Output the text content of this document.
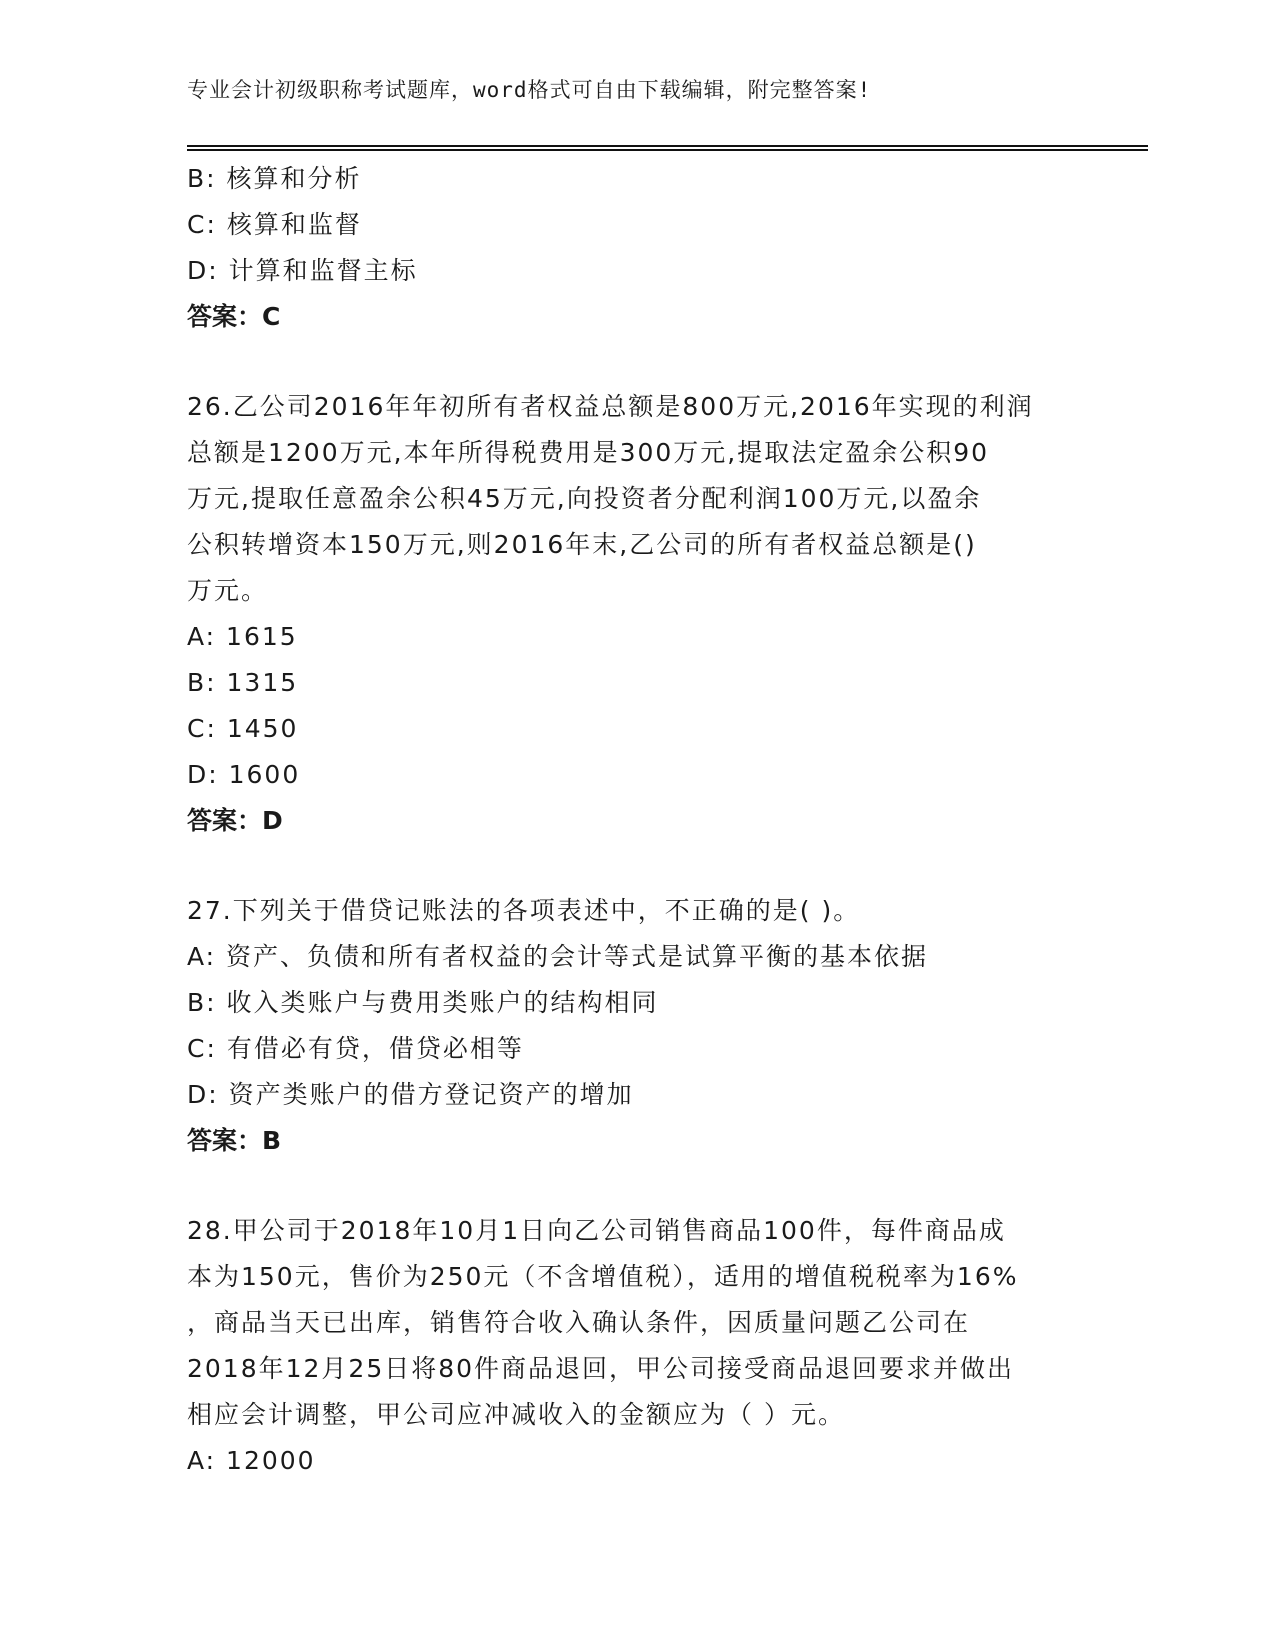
专业会计初级职称考试题库，word格式可自由下载编辑，附完整答案!
B: 核算和分析
C: 核算和监督
D: 计算和监督主标
答案：C
26.乙公司2016年年初所有者权益总额是800万元,2016年实现的利润
总额是1200万元,本年所得税费用是300万元,提取法定盈余公积90
万元,提取任意盈余公积45万元,向投资者分配利润100万元,以盈余
公积转增资本150万元,则2016年末,乙公司的所有者权益总额是()
万元。
A: 1615
B: 1315
C: 1450
D: 1600
答案：D
27.下列关于借贷记账法的各项表述中，不正确的是( )。
A: 资产、负债和所有者权益的会计等式是试算平衡的基本依据
B: 收入类账户与费用类账户的结构相同
C: 有借必有贷，借贷必相等
D: 资产类账户的借方登记资产的增加
答案：B
28.甲公司于2018年10月1日向乙公司销售商品100件，每件商品成
本为150元，售价为250元（不含增值税），适用的增值税税率为16%
，商品当天已出库，销售符合收入确认条件，因质量问题乙公司在
2018年12月25日将80件商品退回，甲公司接受商品退回要求并做出
相应会计调整，甲公司应冲减收入的金额应为（ ）元。
A: 12000
